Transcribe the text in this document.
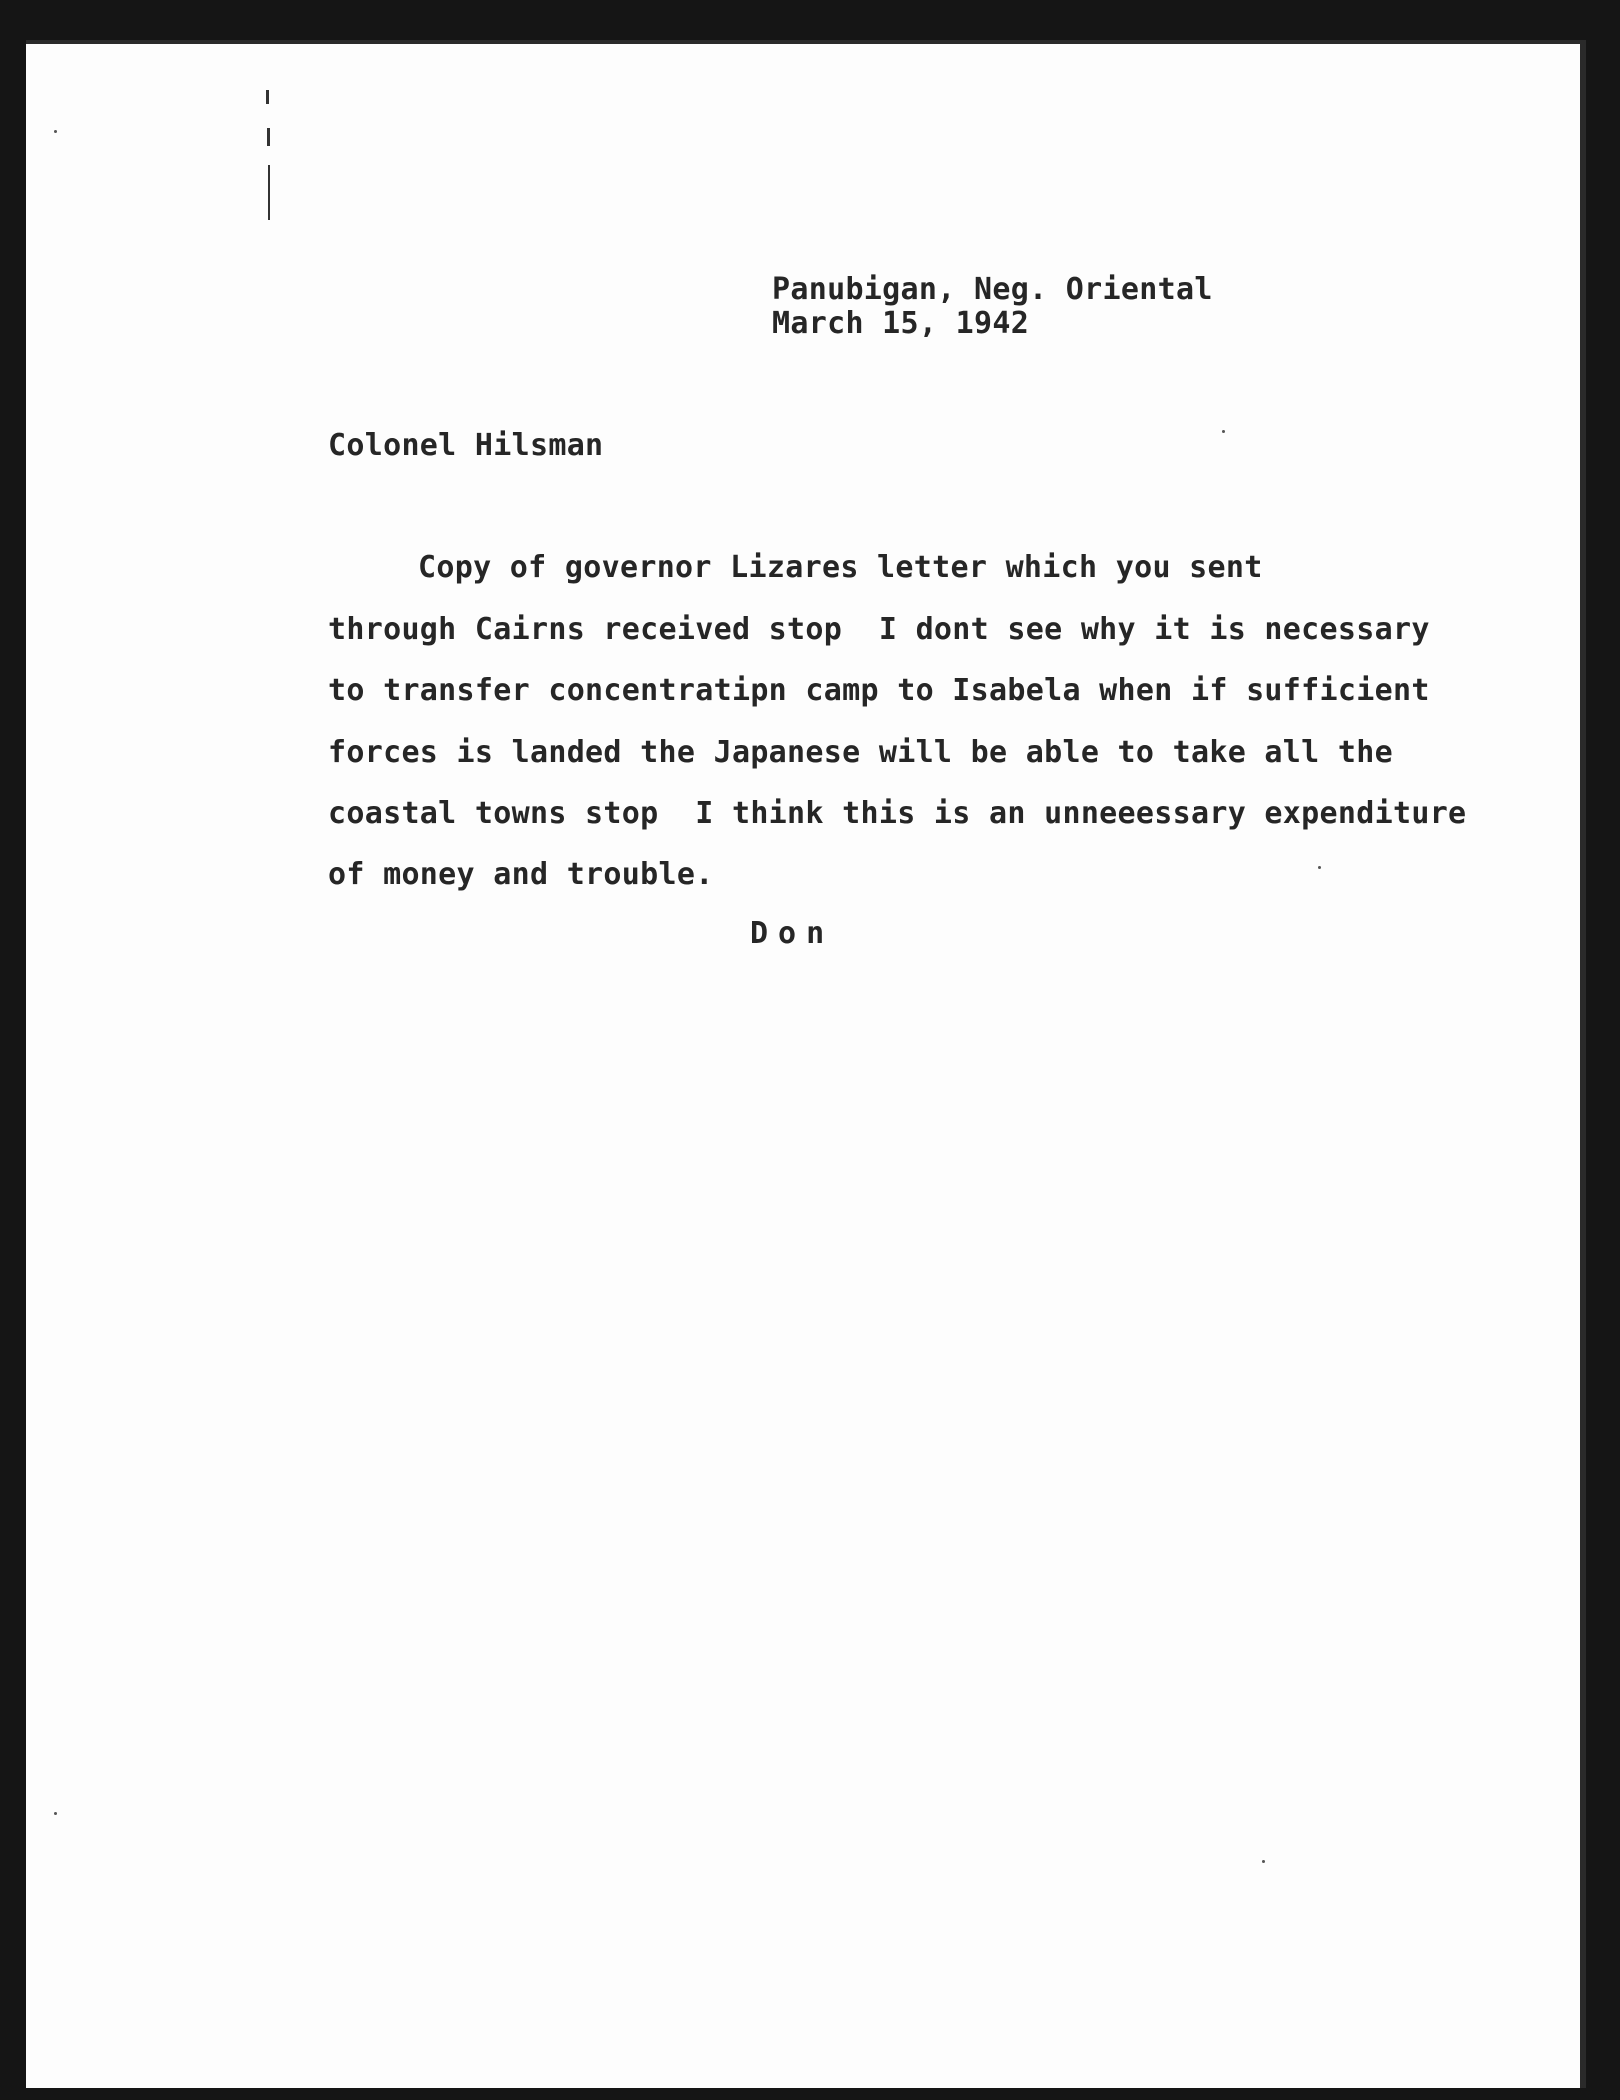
Panubigan, Neg. Oriental
March 15, 1942
Colonel Hilsman
Copy of governor Lizares letter which you sent
through Cairns received stop  I dont see why it is necessary
to transfer concentratipn camp to Isabela when if sufficient
forces is landed the Japanese will be able to take all the
coastal towns stop  I think this is an unneeessary expenditure
of money and trouble.
Don
